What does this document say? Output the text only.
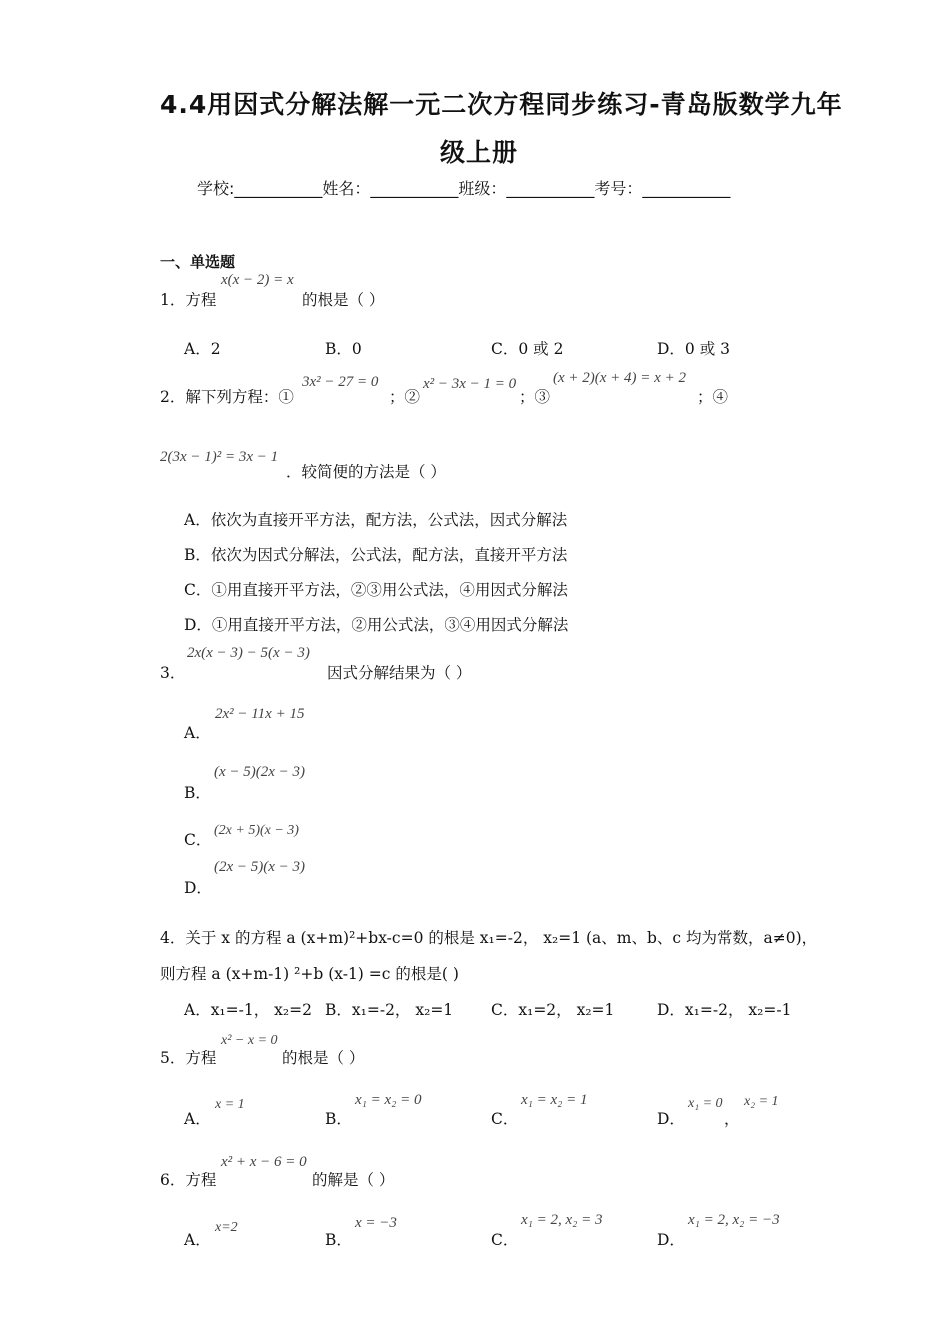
4.4用因式分解法解一元二次方程同步练习-青岛版数学九年
级上册
学校:___________姓名：___________班级：___________考号：___________
一、单选题
1．方程
x(x − 2) = x
的根是（ ）
A．2	B．0	C．0 或 2	D．0 或 3
2．解下列方程：①
3x² − 27 = 0
；②
x² − 3x − 1 = 0
；③
(x + 2)(x + 4) = x + 2
；④
2(3x − 1)² = 3x − 1
．较简便的方法是（ ）
A．依次为直接开平方法，配方法，公式法，因式分解法
B．依次为因式分解法，公式法，配方法，直接开平方法
C．①用直接开平方法，②③用公式法，④用因式分解法
D．①用直接开平方法，②用公式法，③④用因式分解法
3．
2x(x − 3) − 5(x − 3)
因式分解结果为（ ）
A．
2x² − 11x + 15
B．
(x − 5)(2x − 3)
C．
(2x + 5)(x − 3)
D．
(2x − 5)(x − 3)
4．关于 x 的方程 a (x+m)²+bx-c=0 的根是 x₁=-2， x₂=1 (a、m、b、c 均为常数，a≠0)，
则方程 a (x+m-1) ²+b (x-1) =c 的根是( )
A．x₁=-1， x₂=2 B．x₁=-2， x₂=1 C．x₁=2， x₂=1	D．x₁=-2， x₂=-1
5．方程
x² − x = 0
的根是（ ）
A．
x = 1
B．
x₁ = x₂ = 0
C．
x₁ = x₂ = 1
D．
x₁ = 0
，
x₂ = 1
6．方程
x² + x − 6 = 0
的解是（ ）
A．
x=2
B．
x = −3
C．
x₁ = 2, x₂ = 3
D．
x₁ = 2, x₂ = −3
